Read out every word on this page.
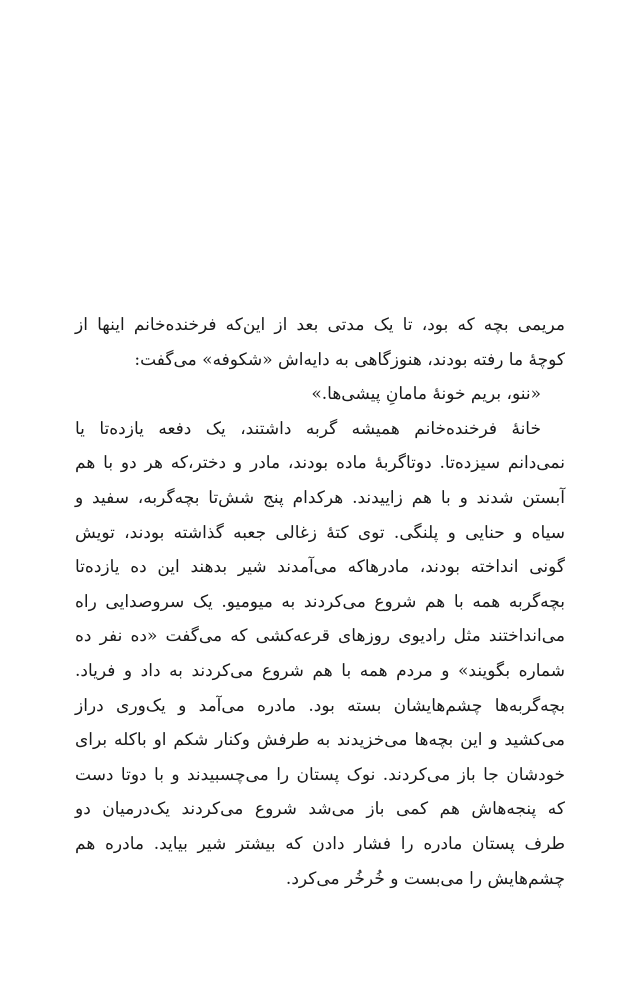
مریمی بچه که بود، تا یک مدتی بعد از این‌که فرخنده‌خانم اینها از
کوچهٔ ما رفته بودند، هنوزگاهی به دایه‌اش «شکوفه» می‌گفت:
«ننو، بریم خونهٔ مامانِ پیشی‌ها.»
خانهٔ فرخنده‌خانم همیشه گربه داشتند، یک دفعه یازده‌تا یا
نمی‌دانم سیزده‌تا. دوتاگربهٔ ماده بودند، مادر و دختر،که هر دو با هم
آبستن شدند و با هم زاییدند. هرکدام پنج شش‌تا بچه‌گربه، سفید و
سیاه و حنایی و پلنگی. توی کتهٔ زغالی جعبه گذاشته بودند، تویش
گونی انداخته بودند، مادرهاکه می‌آمدند شیر بدهند این ده یازده‌تا
بچه‌گربه همه با هم شروع می‌کردند به میومیو. یک سروصدایی راه
می‌انداختند مثل رادیوی روزهای قرعه‌کشی که می‌گفت «ده نفر ده
شماره بگویند» و مردم همه با هم شروع می‌کردند به داد و فریاد.
بچه‌گربه‌ها چشم‌هایشان بسته بود. مادره می‌آمد و یک‌وری دراز
می‌کشید و این بچه‌ها می‌خزیدند به طرفش وکنار شکم او باکله برای
خودشان جا باز می‌کردند. نوک پستان را می‌چسبیدند و با دوتا دست
که پنجه‌هاش هم کمی باز می‌شد شروع می‌کردند یک‌درمیان دو
طرف پستان مادره را فشار دادن که بیشتر شیر بیاید. مادره هم
چشم‌هایش را می‌بست و خُرخُر می‌کرد.
